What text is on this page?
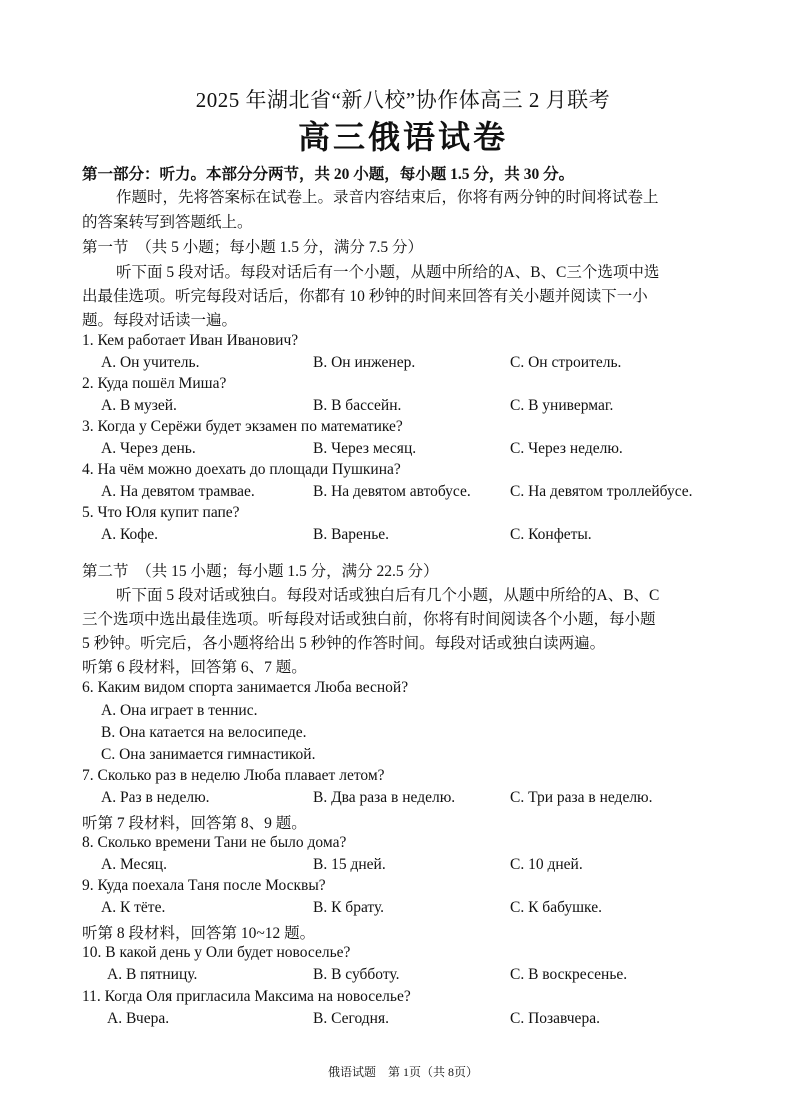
2025 年湖北省“新八校”协作体高三 2 月联考
高三俄语试卷
第一部分：听力。本部分分两节，共 20 小题，每小题 1.5 分，共 30 分。
作题时，先将答案标在试卷上。录音内容结束后，你将有两分钟的时间将试卷上
的答案转写到答题纸上。
第一节　（共 5 小题；每小题 1.5 分，满分 7.5 分）
听下面 5 段对话。每段对话后有一个小题，从题中所给的A、B、C三个选项中选
出最佳选项。听完每段对话后，你都有 10 秒钟的时间来回答有关小题并阅读下一小
题。每段对话读一遍。
1. Кем работает Иван Иванович?
A. Он учитель.	B. Он инженер.	C. Он строитель.
2. Куда пошёл Миша?
A. В музей.	B. В бассейн.	C. В универмаг.
3. Когда у Серёжи будет экзамен по математике?
A. Через день.	B. Через месяц.	C. Через неделю.
4. На чём можно доехать до площади Пушкина?
A. На девятом трамвае.	B. На девятом автобусе.	C. На девятом троллейбусе.
5. Что Юля купит папе?
A. Кофе.	B. Варенье.	C. Конфеты.
第二节　（共 15 小题；每小题 1.5 分，满分 22.5 分）
听下面 5 段对话或独白。每段对话或独白后有几个小题，从题中所给的A、B、C
三个选项中选出最佳选项。听每段对话或独白前，你将有时间阅读各个小题，每小题
5 秒钟。听完后，各小题将给出 5 秒钟的作答时间。每段对话或独白读两遍。
听第 6 段材料，回答第 6、7 题。
6. Каким видом спорта занимается Люба весной?
A. Она играет в теннис.
B. Она катается на велосипеде.
C. Она занимается гимнастикой.
7. Сколько раз в неделю Люба плавает летом?
A. Раз в неделю.	B. Два раза в неделю.	C. Три раза в неделю.
听第 7 段材料，回答第 8、9 题。
8. Сколько времени Тани не было дома?
A. Месяц.	B. 15 дней.	C. 10 дней.
9. Куда поехала Таня после Москвы?
A. К тёте.	B. К брату.	C. К бабушке.
听第 8 段材料，回答第 10~12 题。
10. В какой день у Оли будет новоселье?
A. В пятницу.	B. В субботу.	C. В воскресенье.
11. Когда Оля пригласила Максима на новоселье?
A. Вчера.	B. Сегодня.	C. Позавчера.
俄语试题　第 1页（共 8页）
